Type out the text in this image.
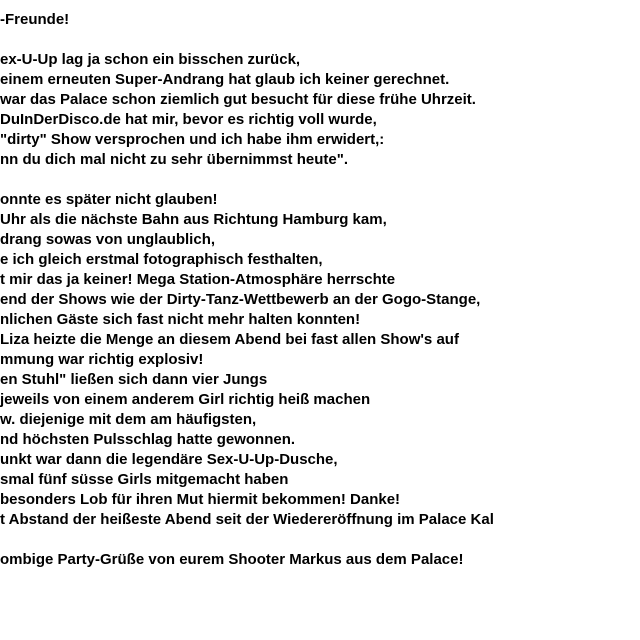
-Freunde!
ex-U-Up lag ja schon ein bisschen zurück,
einem erneuten Super-Andrang hat glaub ich keiner gerechnet.
war das Palace schon ziemlich gut besucht für diese frühe Uhrzeit.
DuInDerDisco.de hat mir, bevor es richtig voll wurde,
"dirty" Show versprochen und ich habe ihm erwidert,:
nn du dich mal nicht zu sehr übernimmst heute".
onnte es später nicht glauben!
Uhr als die nächste Bahn aus Richtung Hamburg kam,
drang sowas von unglaublich,
e ich gleich erstmal fotographisch festhalten,
t mir das ja keiner! Mega Station-Atmosphäre herrschte
end der Shows wie der Dirty-Tanz-Wettbewerb an der Gogo-Stange,
nlichen Gäste sich fast nicht mehr halten konnten!
Liza heizte die Menge an diesem Abend bei fast allen Show's auf
mmung war richtig explosiv!
en Stuhl" ließen sich dann vier Jungs
jeweils von einem anderem Girl richtig heiß machen
w. diejenige mit dem am häufigsten,
nd höchsten Pulsschlag hatte gewonnen.
unkt war dann die legendäre Sex-U-Up-Dusche,
smal fünf süsse Girls mitgemacht haben
besonders Lob für ihren Mut hiermit bekommen! Danke!
t Abstand der heißeste Abend seit der Wiedereröffnung im Palace Kal
ombige Party-Grüße von eurem Shooter Markus aus dem Palace!
